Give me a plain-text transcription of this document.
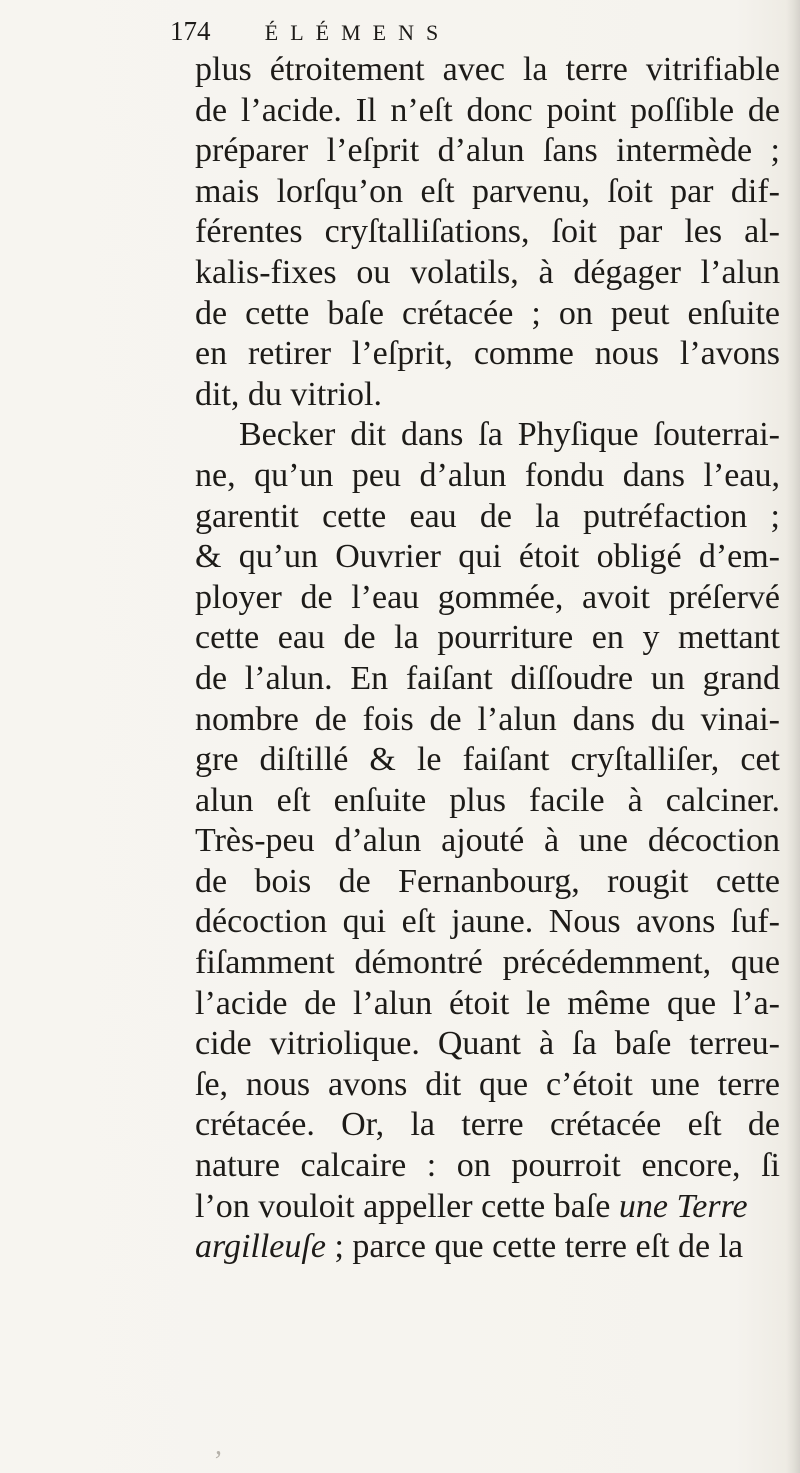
174 ÉLÉMENS
plus étroitement avec la terre vitrifiable
de l’acide. Il n’eſt donc point poſſible de
préparer l’eſprit d’alun ſans intermède ;
mais lorſqu’on eſt parvenu, ſoit par dif-
férentes cryſtalliſations, ſoit par les al-
kalis-fixes ou volatils, à dégager l’alun
de cette baſe crétacée ; on peut enſuite
en retirer l’eſprit, comme nous l’avons
dit, du vitriol.
Becker dit dans ſa Phyſique ſouterrai-
ne, qu’un peu d’alun fondu dans l’eau,
garentit cette eau de la putréfaction ;
& qu’un Ouvrier qui étoit obligé d’em-
ployer de l’eau gommée, avoit préſervé
cette eau de la pourriture en y mettant
de l’alun. En faiſant diſſoudre un grand
nombre de fois de l’alun dans du vinai-
gre diſtillé & le faiſant cryſtalliſer, cet
alun eſt enſuite plus facile à calciner.
Très-peu d’alun ajouté à une décoction
de bois de Fernanbourg, rougit cette
décoction qui eſt jaune. Nous avons ſuf-
fiſamment démontré précédemment, que
l’acide de l’alun étoit le même que l’a-
cide vitriolique. Quant à ſa baſe terreu-
ſe, nous avons dit que c’étoit une terre
crétacée. Or, la terre crétacée eſt de
nature calcaire : on pourroit encore, ſi
l’on vouloit appeller cette baſe une Terre
argilleuſe ; parce que cette terre eſt de la
,
